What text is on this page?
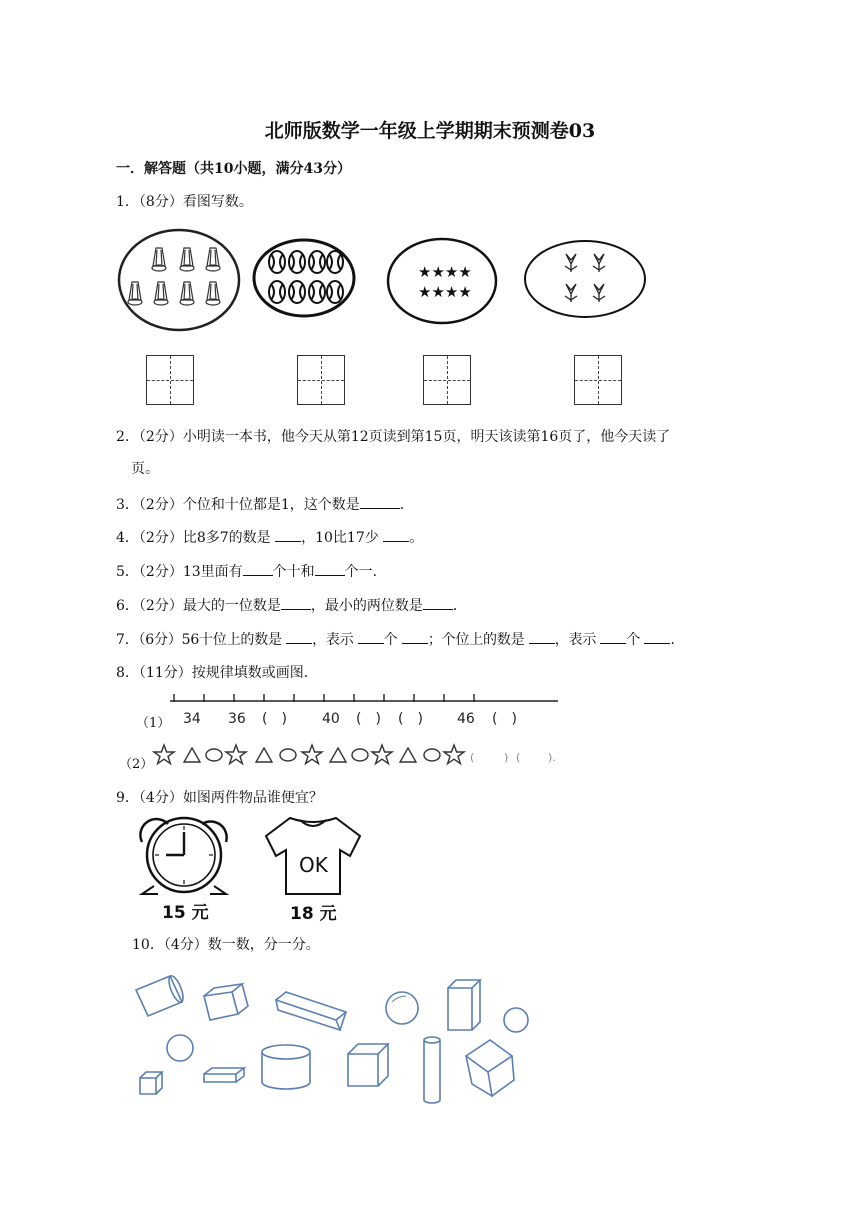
北师版数学一年级上学期期末预测卷03
一．解答题（共10小题，满分43分）
1．（8分）看图写数。
★★★★
★★★★
2．（2分）小明读一本书，他今天从第12页读到第15页，明天该读第16页了，他今天读了
页。
3．（2分）个位和十位都是1，这个数是	．
4．（2分）比8多7的数是 ，10比17少 。
5．（2分）13里面有 个十和 个一．
6．（2分）最大的一位数是 ，最小的两位数是 ．
7．（6分）56十位上的数是 ，表示 个 ；个位上的数是 ，表示 个 ．
8．（11分）按规律填数或画图．
（1） 34 36 (　)	40 (　) (　) 46 (　)
（2）	(	) (	).
9．（4分）如图两件物品谁便宜？
15 元
OK
18 元
10．（4分）数一数，分一分。
